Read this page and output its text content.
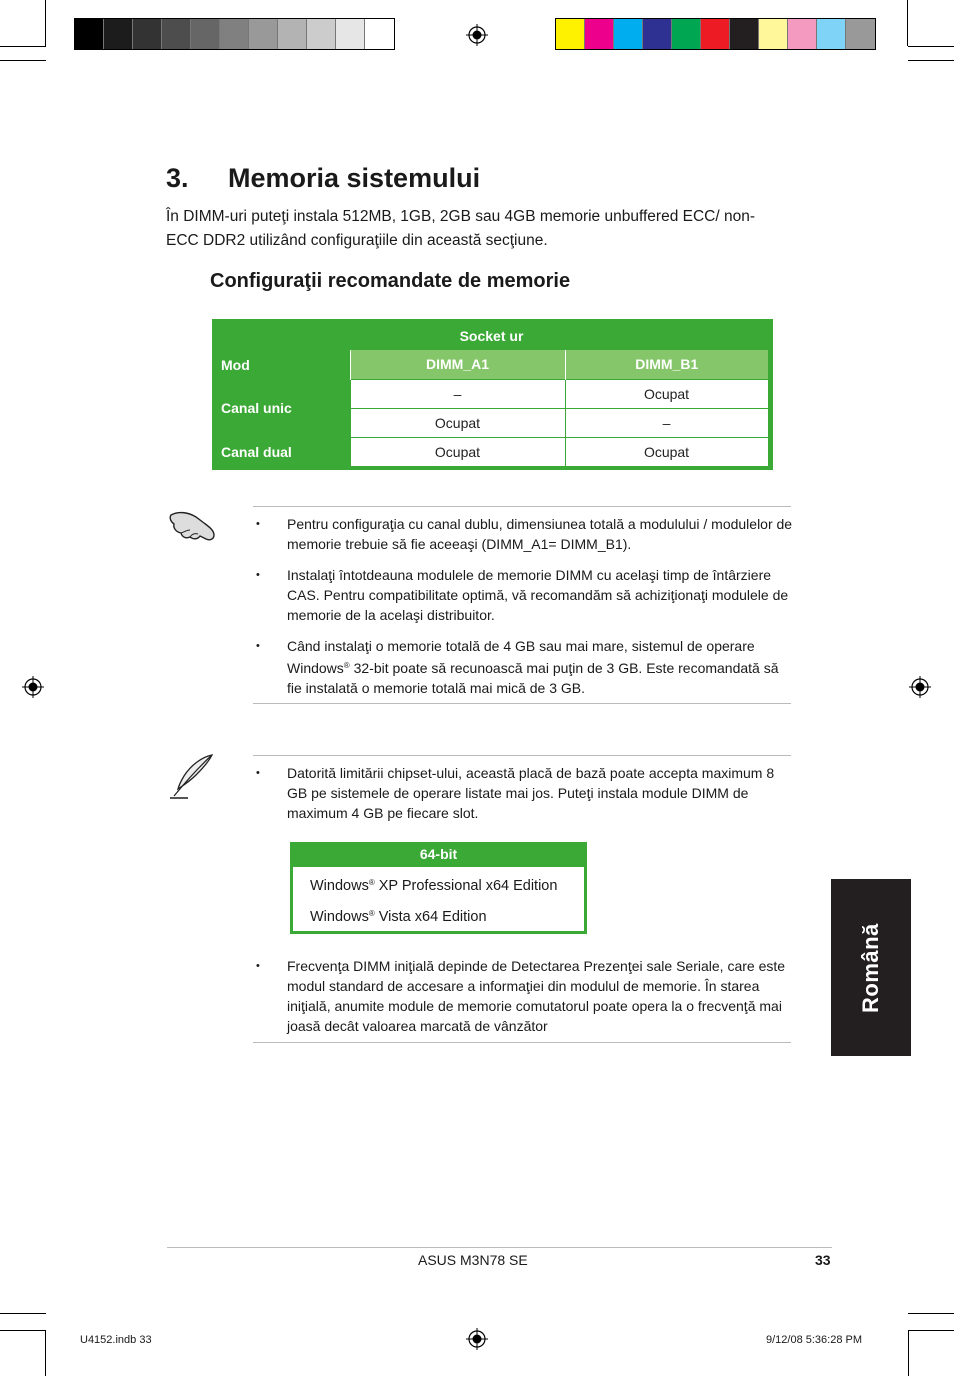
3. Memoria sistemului

În DIMM-uri puteţi instala 512MB, 1GB, 2GB sau 4GB memorie unbuffered ECC/ non-ECC DDR2 utilizând configuraţiile din această secţiune.

Configuraţii recomandate de memorie
Socket ur		
Mod	DIMM_A1	DIMM_B1
Canal unic	–	Ocupat
	Ocupat	–
Canal dual	Ocupat	Ocupat
• Pentru configuraţia cu canal dublu, dimensiunea totală a modulului / modulelor de memorie trebuie să fie aceeaşi (DIMM_A1= DIMM_B1).
• Instalaţi întotdeauna modulele de memorie DIMM cu acelaşi timp de întârziere CAS. Pentru compatibilitate optimă, vă recomandăm să achiziţionaţi modulele de memorie de la acelaşi distribuitor.
• Când instalaţi o memorie totală de 4 GB sau mai mare, sistemul de operare Windows® 32-bit poate să recunoască mai puţin de 3 GB. Este recomandată să fie instalată o memorie totală mai mică de 3 GB.
• Datorită limitării chipset-ului, această placă de bază poate accepta maximum 8 GB pe sistemele de operare listate mai jos. Puteţi instala module DIMM de maximum 4 GB pe fiecare slot.
64-bit
Windows® XP Professional x64 Edition
Windows® Vista x64 Edition
• Frecvenţa DIMM iniţială depinde de Detectarea Prezenţei sale Seriale, care este modul standard de accesare a informaţiei din modulul de memorie. În starea iniţială, anumite module de memorie comutatorul poate opera la o frecvenţă mai joasă decât valoarea marcată de vânzător
Română
ASUS M3N78 SE	33
U4152.indb 33	9/12/08 5:36:28 PM
